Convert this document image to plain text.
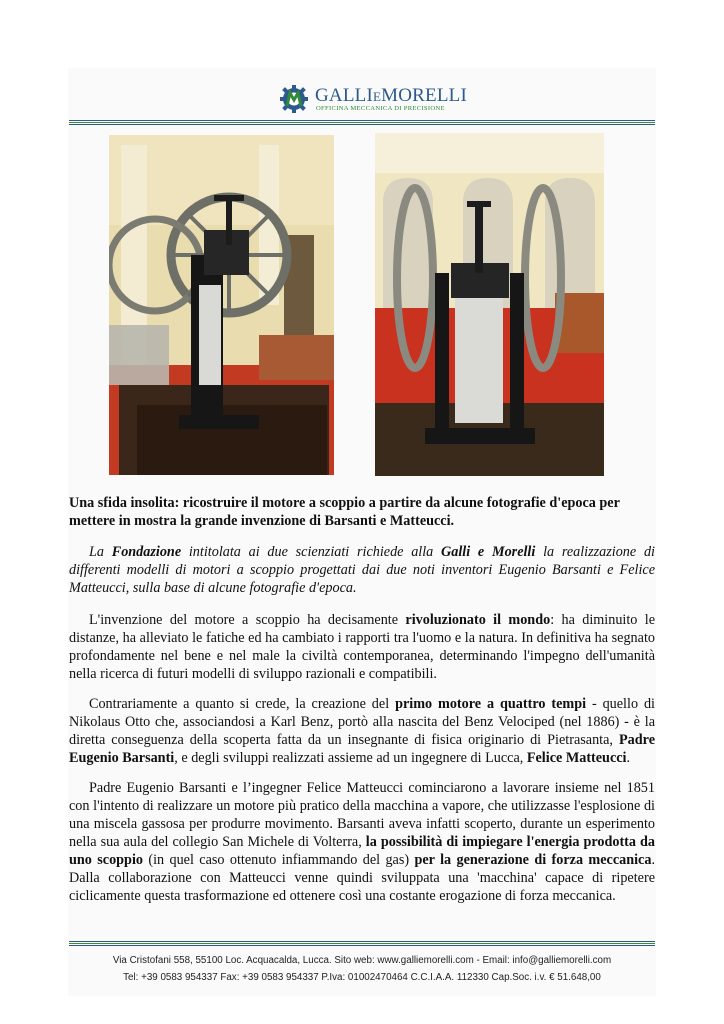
GALLIEMORELLI
OFFICINA MECCANICA DI PRECISIONE
Una sfida insolita: ricostruire il motore a scoppio a partire da alcune fotografie d'epoca per mettere in mostra la grande invenzione di Barsanti e Matteucci.

La Fondazione intitolata ai due scienziati richiede alla Galli e Morelli la realizzazione di differenti modelli di motori a scoppio progettati dai due noti inventori Eugenio Barsanti e Felice Matteucci, sulla base di alcune fotografie d'epoca.

L'invenzione del motore a scoppio ha decisamente rivoluzionato il mondo: ha diminuito le distanze, ha alleviato le fatiche ed ha cambiato i rapporti tra l'uomo e la natura. In definitiva ha segnato profondamente nel bene e nel male la civiltà contemporanea, determinando l'impegno dell'umanità nella ricerca di futuri modelli di sviluppo razionali e compatibili.

Contrariamente a quanto si crede, la creazione del primo motore a quattro tempi - quello di Nikolaus Otto che, associandosi a Karl Benz, portò alla nascita del Benz Velociped (nel 1886) - è la diretta conseguenza della scoperta fatta da un insegnante di fisica originario di Pietrasanta, Padre Eugenio Barsanti, e degli sviluppi realizzati assieme ad un ingegnere di Lucca, Felice Matteucci.

Padre Eugenio Barsanti e l’ingegner Felice Matteucci cominciarono a lavorare insieme nel 1851 con l'intento di realizzare un motore più pratico della macchina a vapore, che utilizzasse l'esplosione di una miscela gassosa per produrre movimento. Barsanti aveva infatti scoperto, durante un esperimento nella sua aula del collegio San Michele di Volterra, la possibilità di impiegare l'energia prodotta da uno scoppio (in quel caso ottenuto infiammando del gas) per la generazione di forza meccanica. Dalla collaborazione con Matteucci venne quindi sviluppata una 'macchina' capace di ripetere ciclicamente questa trasformazione ed ottenere così una costante erogazione di forza meccanica.

Via Cristofani 558, 55100 Loc. Acquacalda, Lucca. Sito web: www.galliemorelli.com - Email: info@galliemorelli.com
Tel: +39 0583 954337 Fax: +39 0583 954337 P.Iva: 01002470464 C.C.I.A.A. 112330 Cap.Soc. i.v. € 51.648,00
